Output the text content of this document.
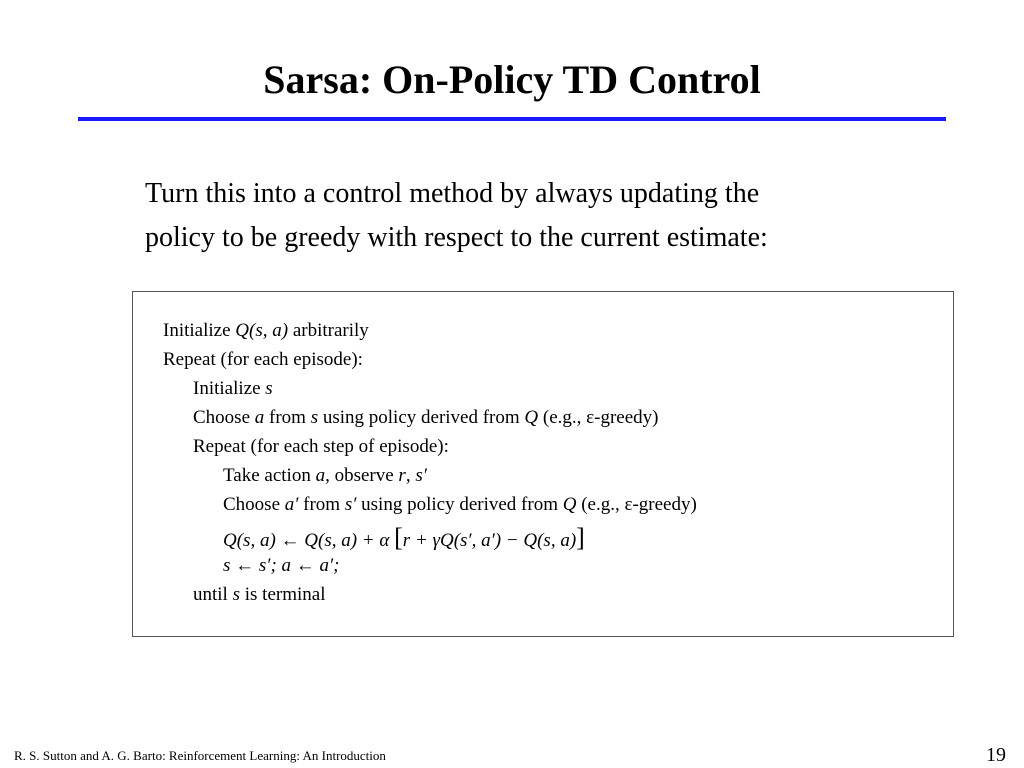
Sarsa: On-Policy TD Control
Turn this into a control method by always updating the
policy to be greedy with respect to the current estimate:
Initialize Q(s, a) arbitrarily
Repeat (for each episode):
Initialize s
Choose a from s using policy derived from Q (e.g., ε-greedy)
Repeat (for each step of episode):
Take action a, observe r, s′
Choose a′ from s′ using policy derived from Q (e.g., ε-greedy)
Q(s, a) ← Q(s, a) + α [r + γQ(s′, a′) − Q(s, a)]
s ← s′; a ← a′;
until s is terminal
R. S. Sutton and A. G. Barto: Reinforcement Learning: An Introduction	19
